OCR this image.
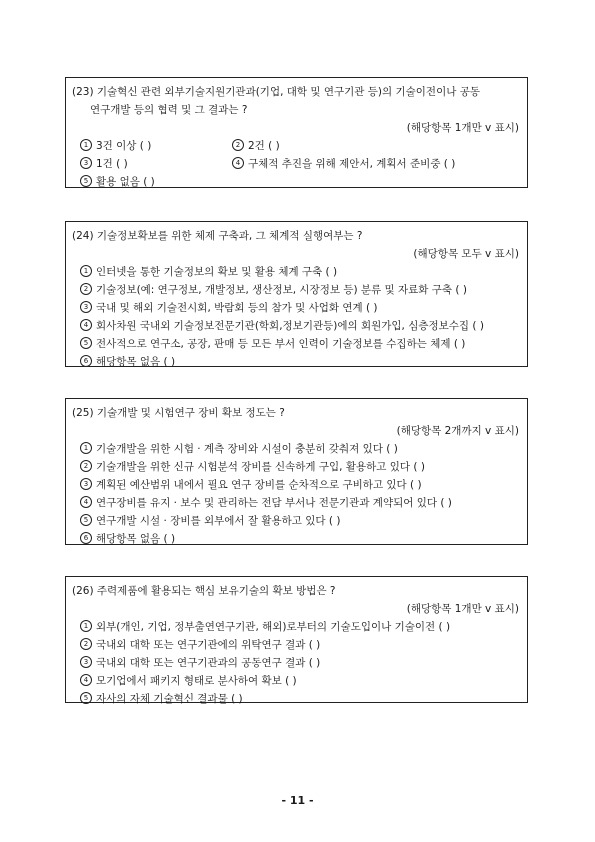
(23) 기술혁신 관련 외부기술지원기관과(기업, 대학 및 연구기관 등)의 기술이전이나 공동
연구개발 등의 협력 및 그 결과는 ?
(해당항목 1개만 v 표시)
1 3건 이상 ( )	2 2건 ( )
3 1건 ( )	4 구체적 추진을 위해 제안서, 계획서 준비중 ( )
5 활용 없음 ( )
(24) 기술정보확보를 위한 체제 구축과, 그 체계적 실행여부는 ?
(해당항목 모두 v 표시)
1 인터넷을 통한 기술정보의 확보 및 활용 체계 구축 ( )
2 기술정보(예: 연구정보, 개발정보, 생산정보, 시장정보 등) 분류 및 자료화 구축 ( )
3 국내 및 해외 기술전시회, 박람회 등의 참가 및 사업화 연계 ( )
4 회사차원 국내외 기술정보전문기관(학회,정보기관등)에의 회원가입, 심층정보수집 ( )
5 전사적으로 연구소, 공장, 판매 등 모든 부서 인력이 기술정보를 수집하는 체제 ( )
6 해당항목 없음 ( )
(25) 기술개발 및 시험연구 장비 확보 정도는 ?
(해당항목 2개까지 v 표시)
1 기술개발을 위한 시험 · 계측 장비와 시설이 충분히 갖춰져 있다 ( )
2 기술개발을 위한 신규 시험분석 장비를 신속하게 구입, 활용하고 있다 ( )
3 계획된 예산범위 내에서 필요 연구 장비를 순차적으로 구비하고 있다 ( )
4 연구장비를 유지 · 보수 및 관리하는 전담 부서나 전문기관과 계약되어 있다 ( )
5 연구개발 시설 · 장비를 외부에서 잘 활용하고 있다 ( )
6 해당항목 없음 ( )
(26) 주력제품에 활용되는 핵심 보유기술의 확보 방법은 ?
(해당항목 1개만 v 표시)
1 외부(개인, 기업, 정부출연연구기관, 해외)로부터의 기술도입이나 기술이전 ( )
2 국내외 대학 또는 연구기관에의 위탁연구 결과 ( )
3 국내외 대학 또는 연구기관과의 공동연구 결과 ( )
4 모기업에서 패키지 형태로 분사하여 확보 ( )
5 자사의 자체 기술혁신 결과물 ( )
- 11 -
